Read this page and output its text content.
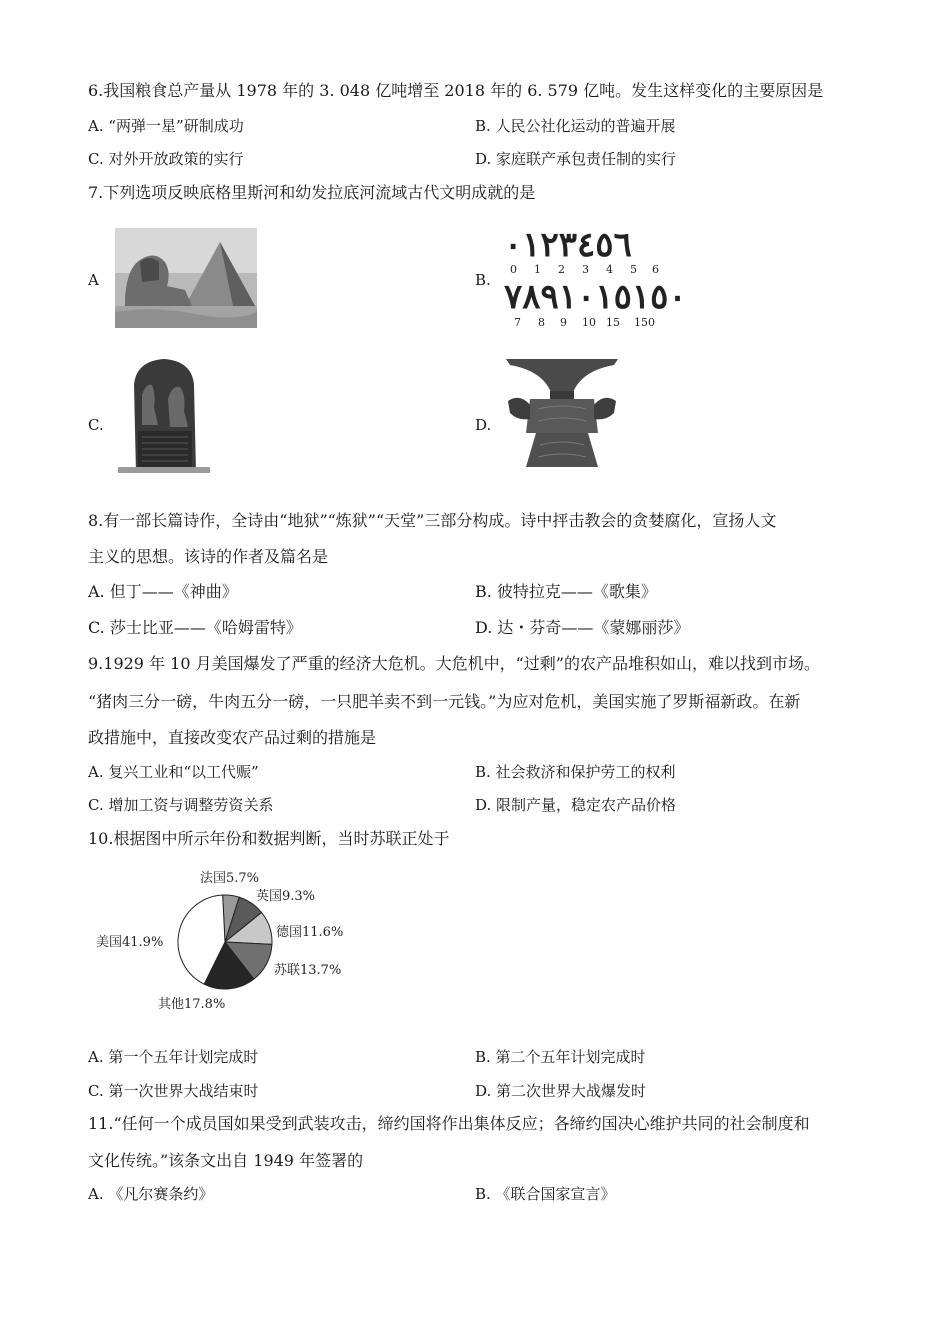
6.我国粮食总产量从 1978 年的 3. 048 亿吨增至 2018 年的 6. 579 亿吨。发生这样变化的主要原因是
A. “两弹一星”研制成功	B. 人民公社化运动的普遍开展
C. 对外开放政策的实行	D. 家庭联产承包责任制的实行
7.下列选项反映底格里斯河和幼发拉底河流域古代文明成就的是
A	B.
٠١٢٣٤٥٦
0 1 2 3 4 5 6
٧٨٩١٠١٥١٥٠
7 8 9 10 15 150
C.	D.
8.有一部长篇诗作，全诗由“地狱”“炼狱”“天堂”三部分构成。诗中抨击教会的贪婪腐化，宣扬人文
主义的思想。该诗的作者及篇名是
A. 但丁——《神曲》	B. 彼特拉克——《歌集》
C. 莎士比亚——《哈姆雷特》	D. 达・芬奇——《蒙娜丽莎》
9.1929 年 10 月美国爆发了严重的经济大危机。大危机中，“过剩”的农产品堆积如山，难以找到市场。
“猪肉三分一磅，牛肉五分一磅，一只肥羊卖不到一元钱。”为应对危机，美国实施了罗斯福新政。在新
政措施中，直接改变农产品过剩的措施是
A. 复兴工业和“以工代赈”	B. 社会救济和保护劳工的权利
C. 增加工资与调整劳资关系	D. 限制产量，稳定农产品价格
10.根据图中所示年份和数据判断，当时苏联正处于
法国5.7%
英国9.3%
德国11.6%
苏联13.7%
其他17.8%
美国41.9%
A. 第一个五年计划完成时	B. 第二个五年计划完成时
C. 第一次世界大战结束时	D. 第二次世界大战爆发时
11.“任何一个成员国如果受到武装攻击，缔约国将作出集体反应；各缔约国决心维护共同的社会制度和
文化传统。”该条文出自 1949 年签署的
A. 《凡尔赛条约》	B. 《联合国家宣言》
